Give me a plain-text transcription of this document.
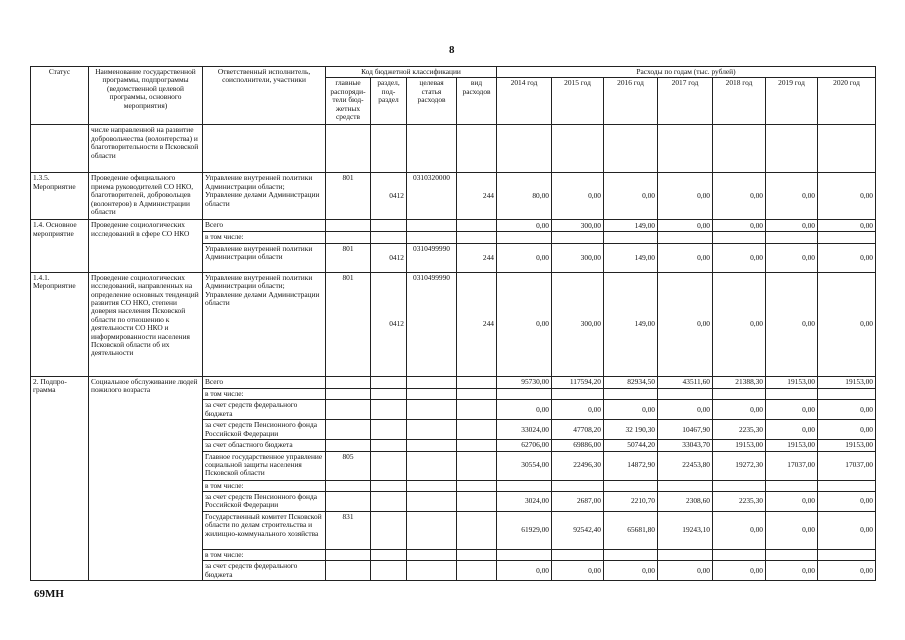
8
Статус	Наименование государственной программы, подпрограммы (ведомственной целевой программы, основного мероприятия)	Ответственный исполнитель, соисполнители, участники	Код бюджетной классификации				Расходы по годам (тыс. рублей)						
			главные распоряди-тели бюд-жетных средств	раздел, под-раздел	целевая статья расходов	вид расходов	2014 год	2015 год	2016 год	2017 год	2018 год	2019 год	2020 год
	числе направленной на развитие добровольчества (волонтерства) и благотворительности в Псковской области												
1.3.5. Мероприятие	Проведение официального приема руководителей СО НКО, благотворителей, добровольцев (волонтеров) в Администрации области	Управление внутренней политики Администрации области; Управление делами Администрации области	801	0412	0310320000	244	80,00	0,00	0,00	0,00	0,00	0,00	0,00
1.4. Основное мероприятие	Проведение социологических исследований в сфере СО НКО	Всего					0,00	300,00	149,00	0,00	0,00	0,00	0,00
		в том числе:											
		Управление внутренней политики Администрации области	801	0412	0310499990	244	0,00	300,00	149,00	0,00	0,00	0,00	0,00
1.4.1. Мероприятие	Проведение социологических исследований, направленных на определение основных тенденций развития СО НКО, степени доверия населения Псковской области по отношению к деятельности СО НКО и информированности населения Псковской области об их деятельности	Управление внутренней политики Администрации области; Управление делами Администрации области	801	0412	0310499990	244	0,00	300,00	149,00	0,00	0,00	0,00	0,00
2. Подпро-грамма	Социальное обслуживание людей пожилого возраста	Всего					95730,00	117594,20	82934,50	43511,60	21388,30	19153,00	19153,00
		в том числе:											
		за счет средств федерального бюджета					0,00	0,00	0,00	0,00	0,00	0,00	0,00
		за счет средств Пенсионного фонда Российской Федерации					33024,00	47708,20	32 190,30	10467,90	2235,30	0,00	0,00
		за счет областного бюджета					62706,00	69886,00	50744,20	33043,70	19153,00	19153,00	19153,00
		Главное государственное управление социальной защиты населения Псковской области	805				30554,00	22496,30	14872,90	22453,80	19272,30	17037,00	17037,00
		в том числе:											
		за счет средств Пенсионного фонда Российской Федерации					3024,00	2687,00	2210,70	2308,60	2235,30	0,00	0,00
		Государственный комитет Псковской области по делам строительства и жилищно-коммунального хозяйства	831				61929,00	92542,40	65681,80	19243,10	0,00	0,00	0,00
		в том числе:											
		за счет средств федерального бюджета					0,00	0,00	0,00	0,00	0,00	0,00	0,00
69МН
